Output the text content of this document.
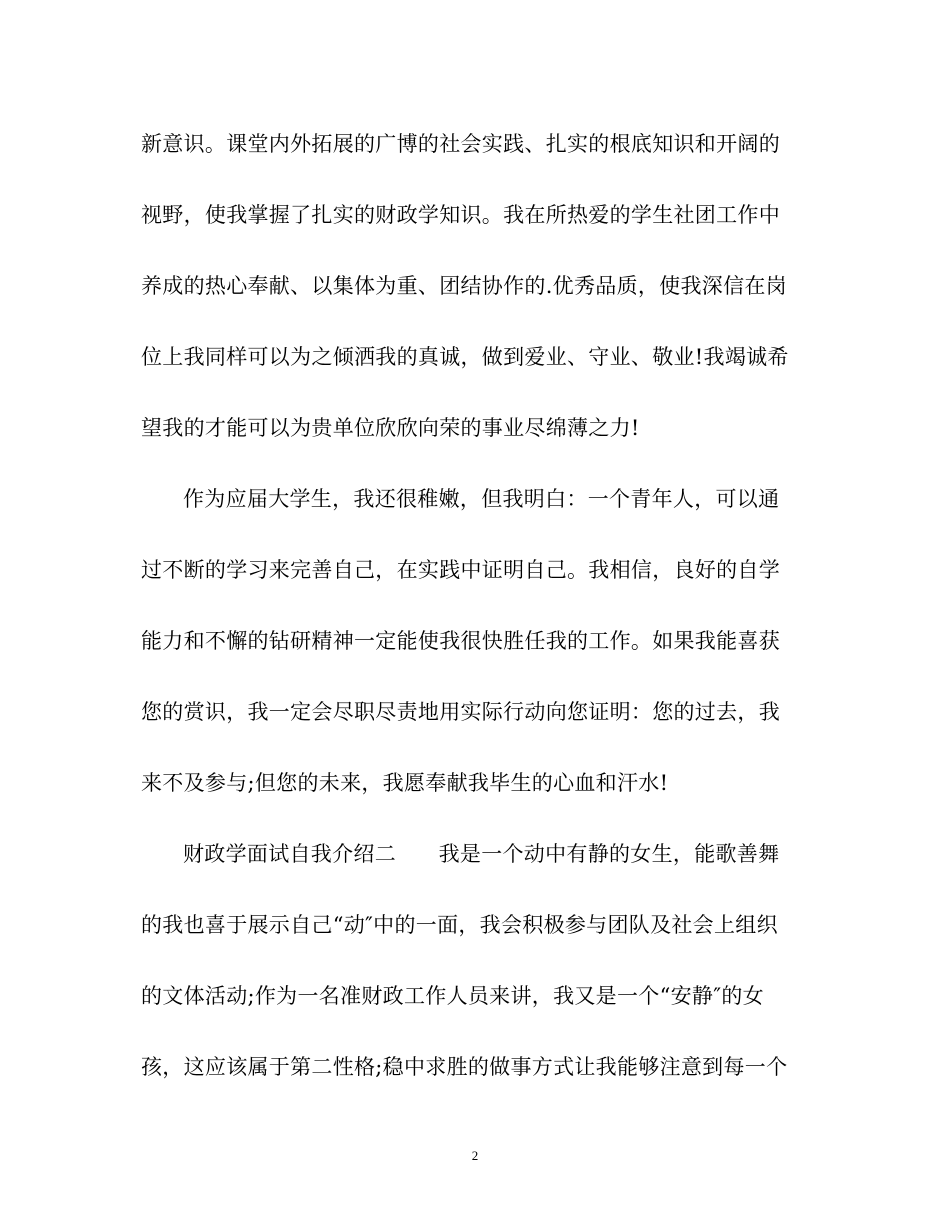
新意识。课堂内外拓展的广博的社会实践、扎实的根底知识和开阔的
视野，使我掌握了扎实的财政学知识。我在所热爱的学生社团工作中
养成的热心奉献、以集体为重、团结协作的.优秀品质，使我深信在岗
位上我同样可以为之倾洒我的真诚，做到爱业、守业、敬业!我竭诚希
望我的才能可以为贵单位欣欣向荣的事业尽绵薄之力!
作为应届大学生，我还很稚嫩，但我明白：一个青年人，可以通
过不断的学习来完善自己，在实践中证明自己。我相信，良好的自学
能力和不懈的钻研精神一定能使我很快胜任我的工作。如果我能喜获
您的赏识，我一定会尽职尽责地用实际行动向您证明：您的过去，我
来不及参与;但您的未来，我愿奉献我毕生的心血和汗水!
财政学面试自我介绍二　　我是一个动中有静的女生，能歌善舞
的我也喜于展示自己“动″中的一面，我会积极参与团队及社会上组织
的文体活动;作为一名准财政工作人员来讲，我又是一个“安静″的女
孩，这应该属于第二性格;稳中求胜的做事方式让我能够注意到每一个
2
